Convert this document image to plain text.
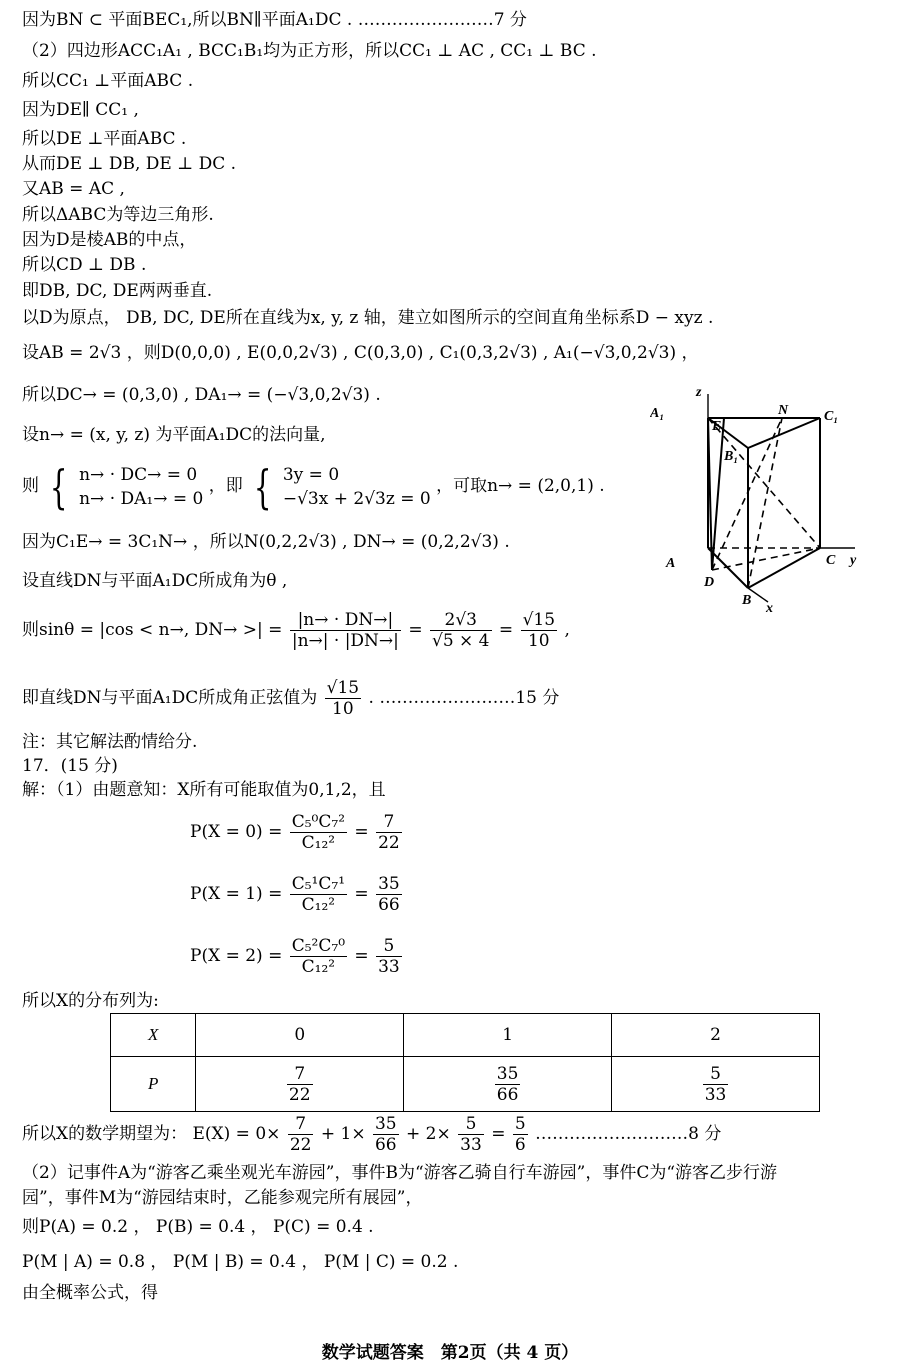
因为BN ⊂ 平面BEC₁,所以BN∥平面A₁DC . ……………………7 分
（2）四边形ACC₁A₁ , BCC₁B₁均为正方形，所以CC₁ ⊥ AC , CC₁ ⊥ BC .
所以CC₁ ⊥平面ABC .
因为DE∥ CC₁ ,
所以DE ⊥平面ABC .
从而DE ⊥ DB, DE ⊥ DC .
又AB = AC ,
所以ΔABC为等边三角形.
因为D是棱AB的中点，
所以CD ⊥ DB .
即DB, DC, DE两两垂直.
以D为原点， DB, DC, DE所在直线为x, y, z 轴，建立如图所示的空间直角坐标系D − xyz .
设AB = 2√3 ，则D(0,0,0) , E(0,0,2√3) , C(0,3,0) , C₁(0,3,2√3) , A₁(−√3,0,2√3) ，
所以DC→ = (0,3,0) , DA₁→ = (−√3,0,2√3) .
设n→ = (x, y, z) 为平面A₁DC的法向量,
则 { n→ · DC→ = 0
n→ · DA₁→ = 0
，即 { 3y = 0
−√3x + 2√3z = 0
，可取n→ = (2,0,1) .
因为C₁E→ = 3C₁N→ ，所以N(0,2,2√3) , DN→ = (0,2,2√3) .
设直线DN与平面A₁DC所成角为θ ,
则sinθ = |cos < n→, DN→ >| = $\frac{|n\to \cdot DN\to|}{|n\to| \cdot |DN\to|} = \frac{2√3}{√5 \times 4} = \frac{√15}{10}$ ,
即直线DN与平面A₁DC所成角正弦值为 $\frac{√15}{10}$ . ……………………15 分
注：其它解法酌情给分.
17．(15 分)
解：（1）由题意知：X所有可能取值为0,1,2，且
$P(X = 0) = \frac{\text{C₅⁰C₇²}}{\text{C₁₂²}} = \frac{7}{22}$
$P(X = 1) = \frac{\text{C₅¹C₇¹}}{\text{C₁₂²}} = \frac{35}{66}$
$P(X = 2) = \frac{\text{C₅²C₇⁰}}{\text{C₁₂²}} = \frac{5}{33}$
所以X的分布列为:
X	0	1	2
P	$\frac{7}{22}$	$\frac{35}{66}$	$\frac{5}{33}$
所以X的数学期望为： $E(X) = 0\times \frac{7}{22} + 1\times \frac{35}{66} + 2\times \frac{5}{33} = \frac{5}{6}$ ………………………8 分
（2）记事件A为“游客乙乘坐观光车游园”，事件B为“游客乙骑自行车游园”，事件C为“游客乙步行游
园”，事件M为“游园结束时，乙能参观完所有展园”，
则P(A) = 0.2 ， P(B) = 0.4 ， P(C) = 0.4 .
P(M | A) = 0.8 ， P(M | B) = 0.4 ， P(M | C) = 0.2 .
由全概率公式，得
A₁
z
N	C₁
E
B₁
A
D
C y
B
x
数学试题答案　第2页（共 4 页）
